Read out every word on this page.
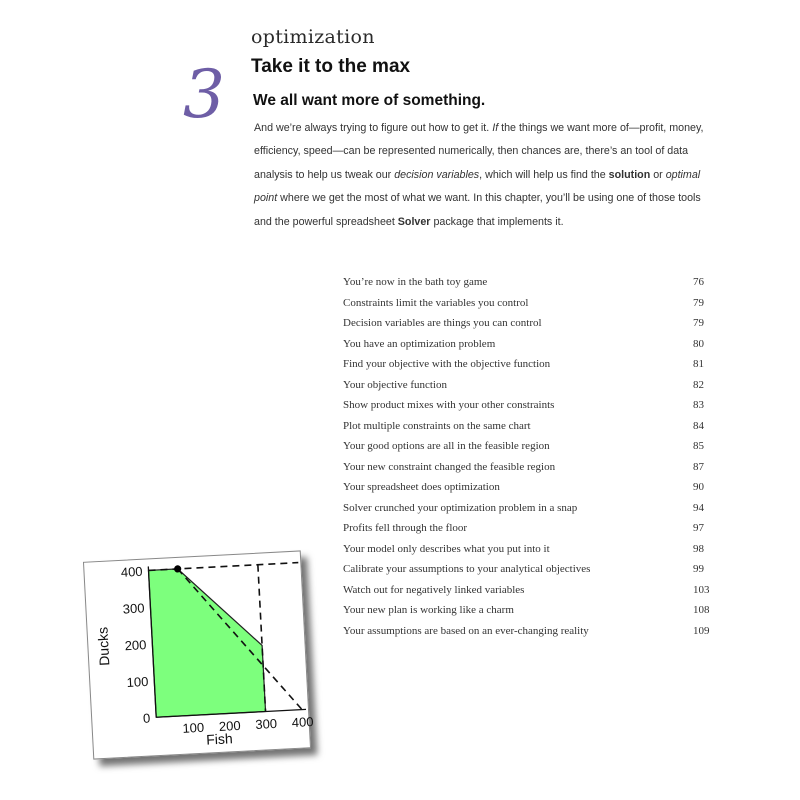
optimization
3 Take it to the max
We all want more of something.

And we’re always trying to figure out how to get it. If the things we want more of—profit, money, efficiency, speed—can be represented numerically, then chances are, there’s an tool of data analysis to help us tweak our decision variables, which will help us find the solution or optimal point where we get the most of what we want. In this chapter, you’ll be using one of those tools and the powerful spreadsheet Solver package that implements it.

You’re now in the bath toy game	76
Constraints limit the variables you control	79
Decision variables are things you can control	79
You have an optimization problem	80
Find your objective with the objective function	81
Your objective function	82
Show product mixes with your other constraints	83
Plot multiple constraints on the same chart	84
Your good options are all in the feasible region	85
Your new constraint changed the feasible region	87
Your spreadsheet does optimization	90
Solver crunched your optimization problem in a snap	94
Profits fell through the floor	97
Your model only describes what you put into it	98
Calibrate your assumptions to your analytical objectives	99
Watch out for negatively linked variables	103
Your new plan is working like a charm	108
Your assumptions are based on an ever-changing reality	109
0
100
200
300
400
100 200 300 400
Fish
Ducks
